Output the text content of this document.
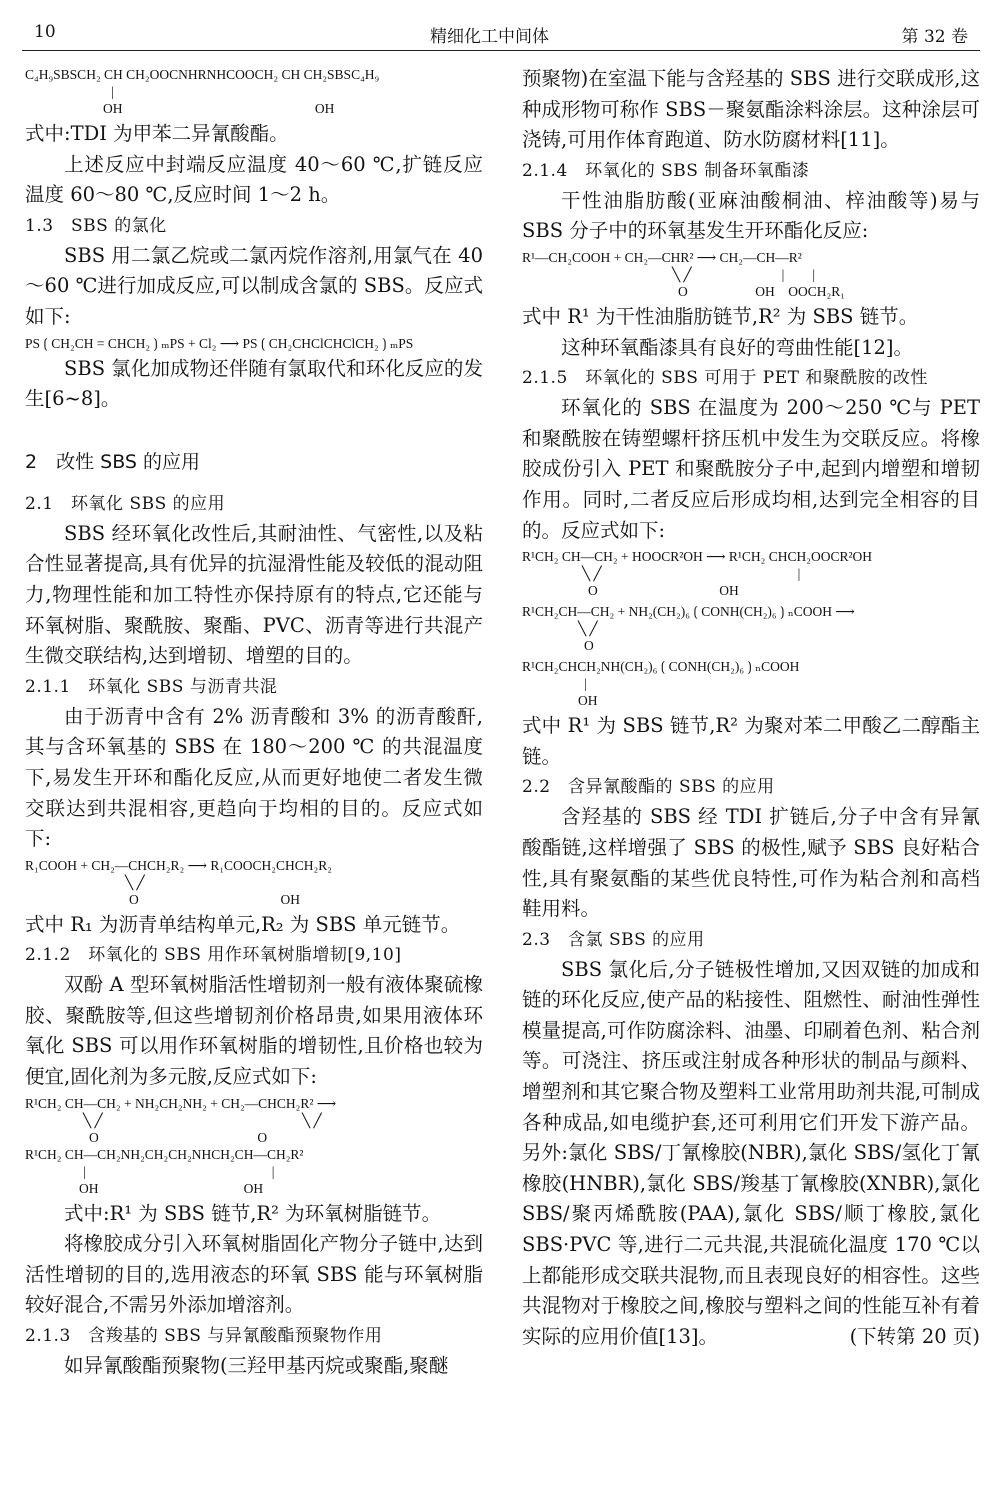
10	精细化工中间体	第 32 卷
C₄H₉SBSCH₂ CH CH₂OOCNHRNHCOOCH₂ CH CH₂SBSC₄H₉
|
OH                                                         OH

式中:TDI 为甲苯二异氰酸酯。

上述反应中封端反应温度 40～60 ℃,扩链反应温度 60～80 ℃,反应时间 1～2 h。

1.3　SBS 的氯化

SBS 用二氯乙烷或二氯丙烷作溶剂,用氯气在 40～60 ℃进行加成反应,可以制成含氯的 SBS。反应式如下:

PS ⟮ CH₂CH = CHCH₂ ⟯ ₘPS + Cl₂ ⟶ PS ⟮ CH₂CHClCHClCH₂ ⟯ ₘPS

SBS 氯化加成物还伴随有氯取代和环化反应的发生[6~8]。

2　改性 SBS 的应用
2.1　环氧化 SBS 的应用

SBS 经环氧化改性后,其耐油性、气密性,以及粘合性显著提高,具有优异的抗湿滑性能及较低的混动阻力,物理性能和加工特性亦保持原有的特点,它还能与环氧树脂、聚酰胺、聚酯、PVC、沥青等进行共混产生微交联结构,达到增韧、增塑的目的。

2.1.1　环氧化 SBS 与沥青共混

由于沥青中含有 2% 沥青酸和 3% 的沥青酸酐,其与含环氧基的 SBS 在 180～200 ℃ 的共混温度下,易发生开环和酯化反应,从而更好地使二者发生微交联达到共混相容,更趋向于均相的目的。反应式如下:

R₁COOH + CH₂—CHCH₂R₂ ⟶ R₁COOCH₂CHCH₂R₂
╲ ╱
O                                          OH

式中 R₁ 为沥青单结构单元,R₂ 为 SBS 单元链节。

2.1.2　环氧化的 SBS 用作环氧树脂增韧[9,10]

双酚 A 型环氧树脂活性增韧剂一般有液体聚硫橡胶、聚酰胺等,但这些增韧剂价格昂贵,如果用液体环氧化 SBS 可以用作环氧树脂的增韧性,且价格也较为便宜,固化剂为多元胺,反应式如下:

R¹CH₂ CH—CH₂ + NH₂CH₂NH₂ + CH₂—CHCH₂R² ⟶
╲ ╱	╲ ╱
O                                               O
R¹CH₂ CH—CH₂NH₂CH₂CH₂NHCH₂CH—CH₂R²
|	|
OH                                           OH

式中:R¹ 为 SBS 链节,R² 为环氧树脂链节。

将橡胶成分引入环氧树脂固化产物分子链中,达到活性增韧的目的,选用液态的环氧 SBS 能与环氧树脂较好混合,不需另外添加增溶剂。

2.1.3　含羧基的 SBS 与异氰酸酯预聚物作用

如异氰酸酯预聚物(三羟甲基丙烷或聚酯,聚醚

预聚物)在室温下能与含羟基的 SBS 进行交联成形,这种成形物可称作 SBS－聚氨酯涂料涂层。这种涂层可浇铸,可用作体育跑道、防水防腐材料[11]。

2.1.4　环氧化的 SBS 制备环氧酯漆

干性油脂肪酸(亚麻油酸桐油、梓油酸等)易与 SBS 分子中的环氧基发生开环酯化反应:

R¹—CH₂COOH + CH₂—CHR² ⟶ CH₂—CH—R²
╲ ╱	| |
O                    OH    OOCH₂R₁

式中 R¹ 为干性油脂肪链节,R² 为 SBS 链节。

这种环氧酯漆具有良好的弯曲性能[12]。

2.1.5　环氧化的 SBS 可用于 PET 和聚酰胺的改性

环氧化的 SBS 在温度为 200～250 ℃与 PET 和聚酰胺在铸塑螺杆挤压机中发生为交联反应。将橡胶成份引入 PET 和聚酰胺分子中,起到内增塑和增韧作用。同时,二者反应后形成均相,达到完全相容的目的。反应式如下:

R¹CH₂ CH—CH₂ + HOOCR²OH ⟶ R¹CH₂ CHCH₂OOCR²OH
╲ ╱	|
O                                    OH
R¹CH₂CH—CH₂ + NH₂(CH₂)₆ ⟮ CONH(CH₂)₆ ⟯ ₙCOOH ⟶
╲ ╱
O
R¹CH₂CHCH₂NH(CH₂)₆ ⟮ CONH(CH₂)₆ ⟯ ₙCOOH
|
OH

式中 R¹ 为 SBS 链节,R² 为聚对苯二甲酸乙二醇酯主链。

2.2　含异氰酸酯的 SBS 的应用

含羟基的 SBS 经 TDI 扩链后,分子中含有异氰酸酯链,这样增强了 SBS 的极性,赋予 SBS 良好粘合性,具有聚氨酯的某些优良特性,可作为粘合剂和高档鞋用料。

2.3　含氯 SBS 的应用

SBS 氯化后,分子链极性增加,又因双链的加成和链的环化反应,使产品的粘接性、阻燃性、耐油性弹性模量提高,可作防腐涂料、油墨、印刷着色剂、粘合剂等。可浇注、挤压或注射成各种形状的制品与颜料、增塑剂和其它聚合物及塑料工业常用助剂共混,可制成各种成品,如电缆护套,还可利用它们开发下游产品。另外:氯化 SBS/丁氰橡胶(NBR),氯化 SBS/氢化丁氰橡胶(HNBR),氯化 SBS/羧基丁氰橡胶(XNBR),氯化 SBS/聚丙烯酰胺(PAA),氯化 SBS/顺丁橡胶,氯化 SBS·PVC 等,进行二元共混,共混硫化温度 170 ℃以上都能形成交联共混物,而且表现良好的相容性。这些共混物对于橡胶之间,橡胶与塑料之间的性能互补有着实际的应用价值[13]。	(下转第 20 页)
